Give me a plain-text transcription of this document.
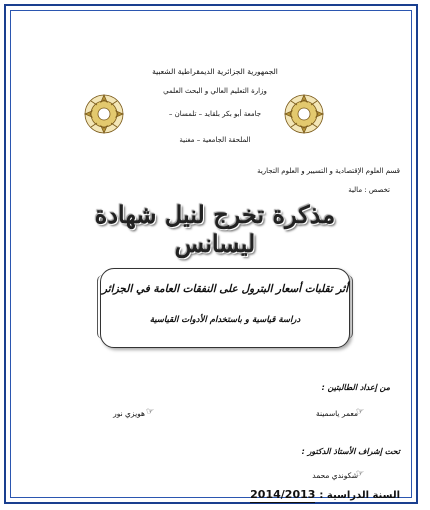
الجمهورية الجزائرية الديمقراطية الشعبية
وزارة التعليم العالي و البحث العلمي
جامعة أبو بكر بلقايد – تلمسان –
الملحقة الجامعية – مغنية
قسم العلوم الإقتصادية و التسيير و العلوم التجارية
تخصص : مالية
مذكرة تخرج لنيل شهادة ليسانس
أثر تقلبات أسعار البترول على النفقات العامة في الجزائر
دراسة قياسية و باستخدام الأدوات القياسية
من إعداد الطالبتين :
معمر ياسمينة
☞
هويزي نور ☞
تحت إشراف الأستاذ الدكتور :
شكوندي محمد
☞
السنة الدراسية :2014/2013
